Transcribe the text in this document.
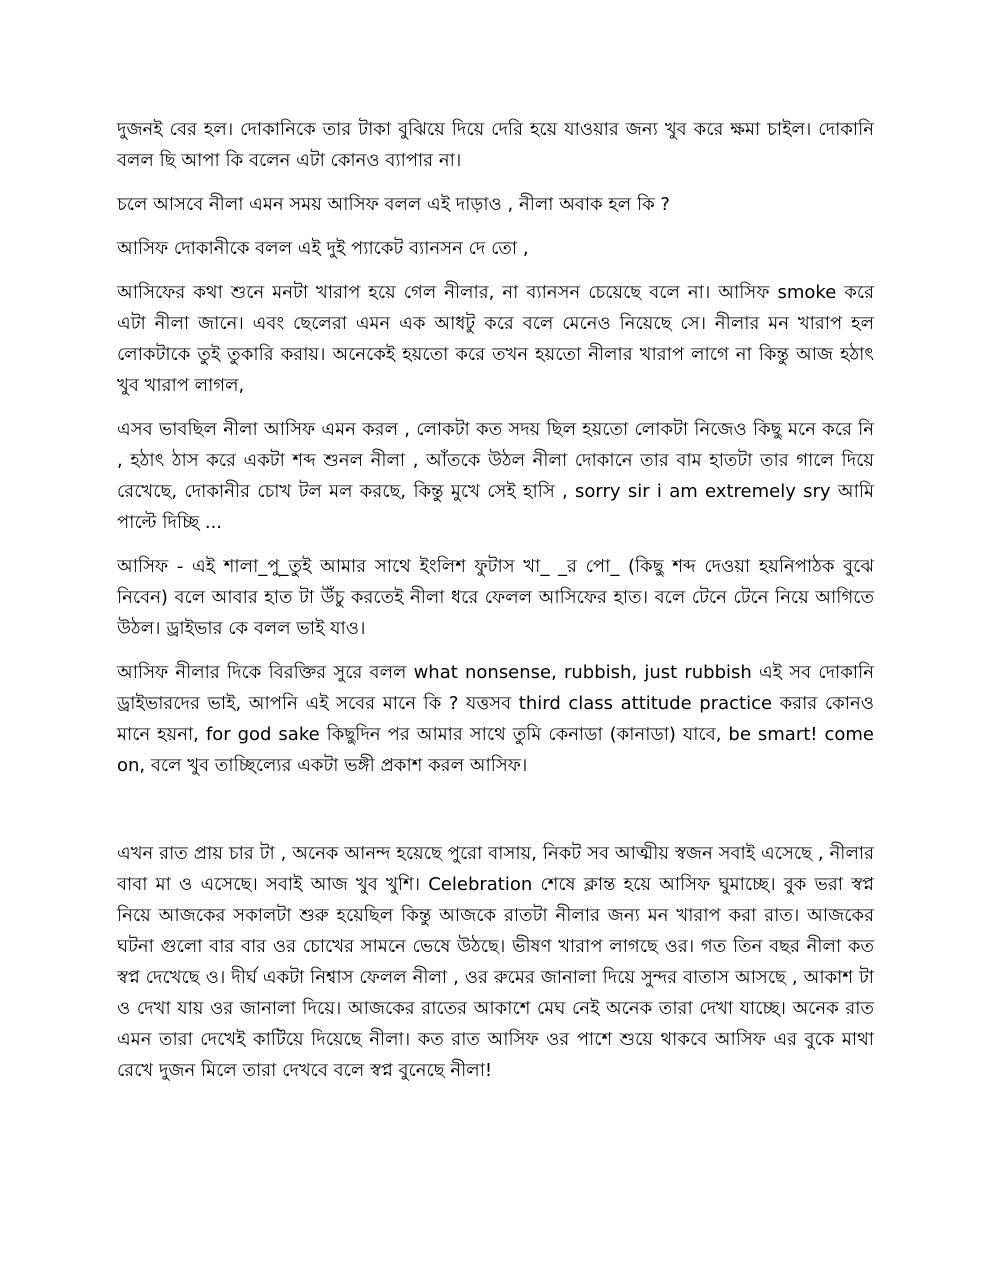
দুজনই বের হল। দোকানিকে তার টাকা বুঝিয়ে দিয়ে দেরি হয়ে যাওয়ার জন্য খুব করে ক্ষমা চাইল। দোকানি বলল ছি আপা কি বলেন এটা কোনও ব্যাপার না।

চলে আসবে নীলা এমন সময় আসিফ বলল এই দাড়াও , নীলা অবাক হল কি ?

আসিফ দোকানীকে বলল এই দুই প্যাকেট ব্যানসন দে তো ,

আসিফের কথা শুনে মনটা খারাপ হয়ে গেল নীলার, না ব্যানসন চেয়েছে বলে না। আসিফ smoke করে এটা নীলা জানে। এবং ছেলেরা এমন এক আধটু করে বলে মেনেও নিয়েছে সে। নীলার মন খারাপ হল লোকটাকে তুই তুকারি করায়। অনেকেই হয়তো করে তখন হয়তো নীলার খারাপ লাগে না কিন্তু আজ হঠাৎ খুব খারাপ লাগল,

এসব ভাবছিল নীলা আসিফ এমন করল , লোকটা কত সদয় ছিল হয়তো লোকটা নিজেও কিছু মনে করে নি , হঠাৎ ঠাস করে একটা শব্দ শুনল নীলা , আঁতকে উঠল নীলা দোকানে তার বাম হাতটা তার গালে দিয়ে রেখেছে, দোকানীর চোখ টল মল করছে, কিন্তু মুখে সেই হাসি , sorry sir i am extremely sry আমি পাল্টে দিচ্ছি ...

আসিফ - এই শালা_পু_তুই আমার সাথে ইংলিশ ফুটাস খা_ _র পো_ (কিছু শব্দ দেওয়া হয়নিপাঠক বুঝে নিবেন) বলে আবার হাত টা উঁচু করতেই নীলা ধরে ফেলল আসিফের হাত। বলে টেনে টেনে নিয়ে আগিতে উঠল। ড্রাইভার কে বলল ভাই যাও।

আসিফ নীলার দিকে বিরক্তির সুরে বলল what nonsense, rubbish, just rubbish এই সব দোকানি ড্রাইভারদের ভাই, আপনি এই সবের মানে কি ? যত্তসব third class attitude practice করার কোনও মানে হয়না, for god sake কিছুদিন পর আমার সাথে তুমি কেনাডা (কানাডা) যাবে, be smart! come on, বলে খুব তাচ্ছিল্যের একটা ভঙ্গী প্রকাশ করল আসিফ।

এখন রাত প্রায় চার টা , অনেক আনন্দ হয়েছে পুরো বাসায়, নিকট সব আত্মীয় স্বজন সবাই এসেছে , নীলার বাবা মা ও এসেছে। সবাই আজ খুব খুশি। Celebration শেষে ক্লান্ত হয়ে আসিফ ঘুমাচ্ছে। বুক ভরা স্বপ্ন নিয়ে আজকের সকালটা শুরু হয়েছিল কিন্তু আজকে রাতটা নীলার জন্য মন খারাপ করা রাত। আজকের ঘটনা গুলো বার বার ওর চোখের সামনে ভেষে উঠছে। ভীষণ খারাপ লাগছে ওর। গত তিন বছর নীলা কত স্বপ্ন দেখেছে ও। দীর্ঘ একটা নিশ্বাস ফেলল নীলা , ওর রুমের জানালা দিয়ে সুন্দর বাতাস আসছে , আকাশ টা ও দেখা যায় ওর জানালা দিয়ে। আজকের রাতের আকাশে মেঘ নেই অনেক তারা দেখা যাচ্ছে। অনেক রাত এমন তারা দেখেই কাটিয়ে দিয়েছে নীলা। কত রাত আসিফ ওর পাশে শুয়ে থাকবে আসিফ এর বুকে মাথা রেখে দুজন মিলে তারা দেখবে বলে স্বপ্ন বুনেছে নীলা!
